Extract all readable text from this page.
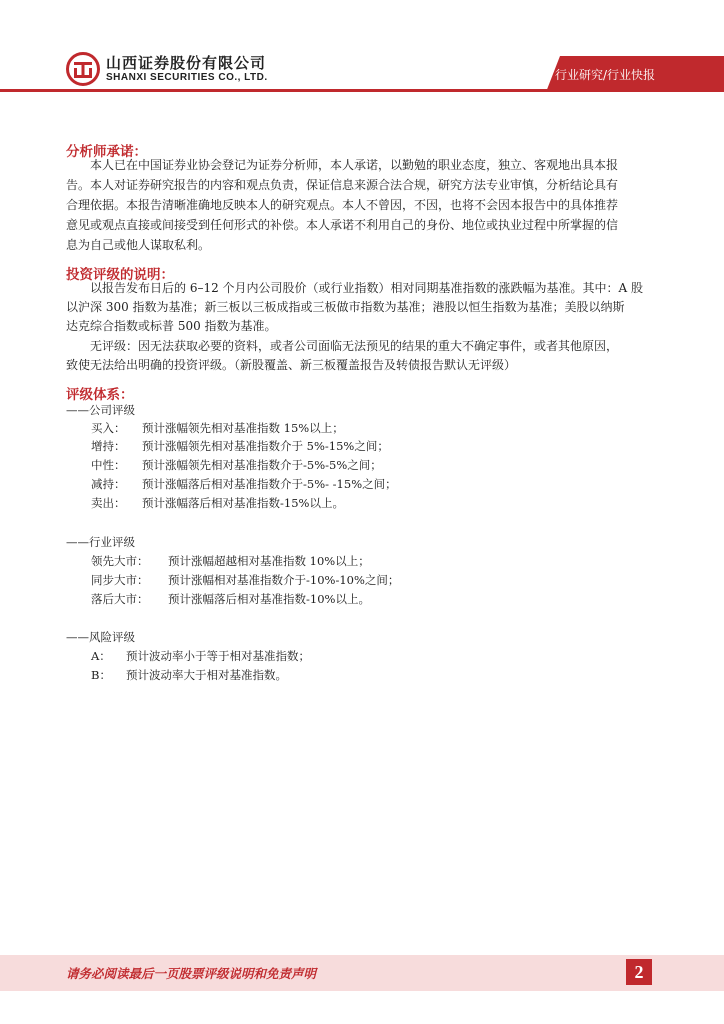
山西证券股份有限公司
SHANXI SECURITIES CO., LTD.	行业研究/行业快报
分析师承诺：
本人已在中国证券业协会登记为证券分析师，本人承诺，以勤勉的职业态度，独立、客观地出具本报
告。本人对证券研究报告的内容和观点负责，保证信息来源合法合规，研究方法专业审慎，分析结论具有
合理依据。本报告清晰准确地反映本人的研究观点。本人不曾因，不因，也将不会因本报告中的具体推荐
意见或观点直接或间接受到任何形式的补偿。本人承诺不利用自己的身份、地位或执业过程中所掌握的信
息为自己或他人谋取私利。
投资评级的说明：
以报告发布日后的 6–12 个月内公司股价（或行业指数）相对同期基准指数的涨跌幅为基准。其中：A 股
以沪深 300 指数为基准；新三板以三板成指或三板做市指数为基准；港股以恒生指数为基准；美股以纳斯
达克综合指数或标普 500 指数为基准。
无评级：因无法获取必要的资料，或者公司面临无法预见的结果的重大不确定事件，或者其他原因，
致使无法给出明确的投资评级。（新股覆盖、新三板覆盖报告及转债报告默认无评级）
评级体系：
——公司评级
买入： 预计涨幅领先相对基准指数 15%以上；
增持： 预计涨幅领先相对基准指数介于 5%-15%之间；
中性： 预计涨幅领先相对基准指数介于-5%-5%之间；
减持： 预计涨幅落后相对基准指数介于-5%- -15%之间；
卖出： 预计涨幅落后相对基准指数-15%以上。
——行业评级
领先大市： 预计涨幅超越相对基准指数 10%以上；
同步大市： 预计涨幅相对基准指数介于-10%-10%之间；
落后大市： 预计涨幅落后相对基准指数-10%以上。
——风险评级
A： 预计波动率小于等于相对基准指数；
B： 预计波动率大于相对基准指数。
请务必阅读最后一页股票评级说明和免责声明	2
